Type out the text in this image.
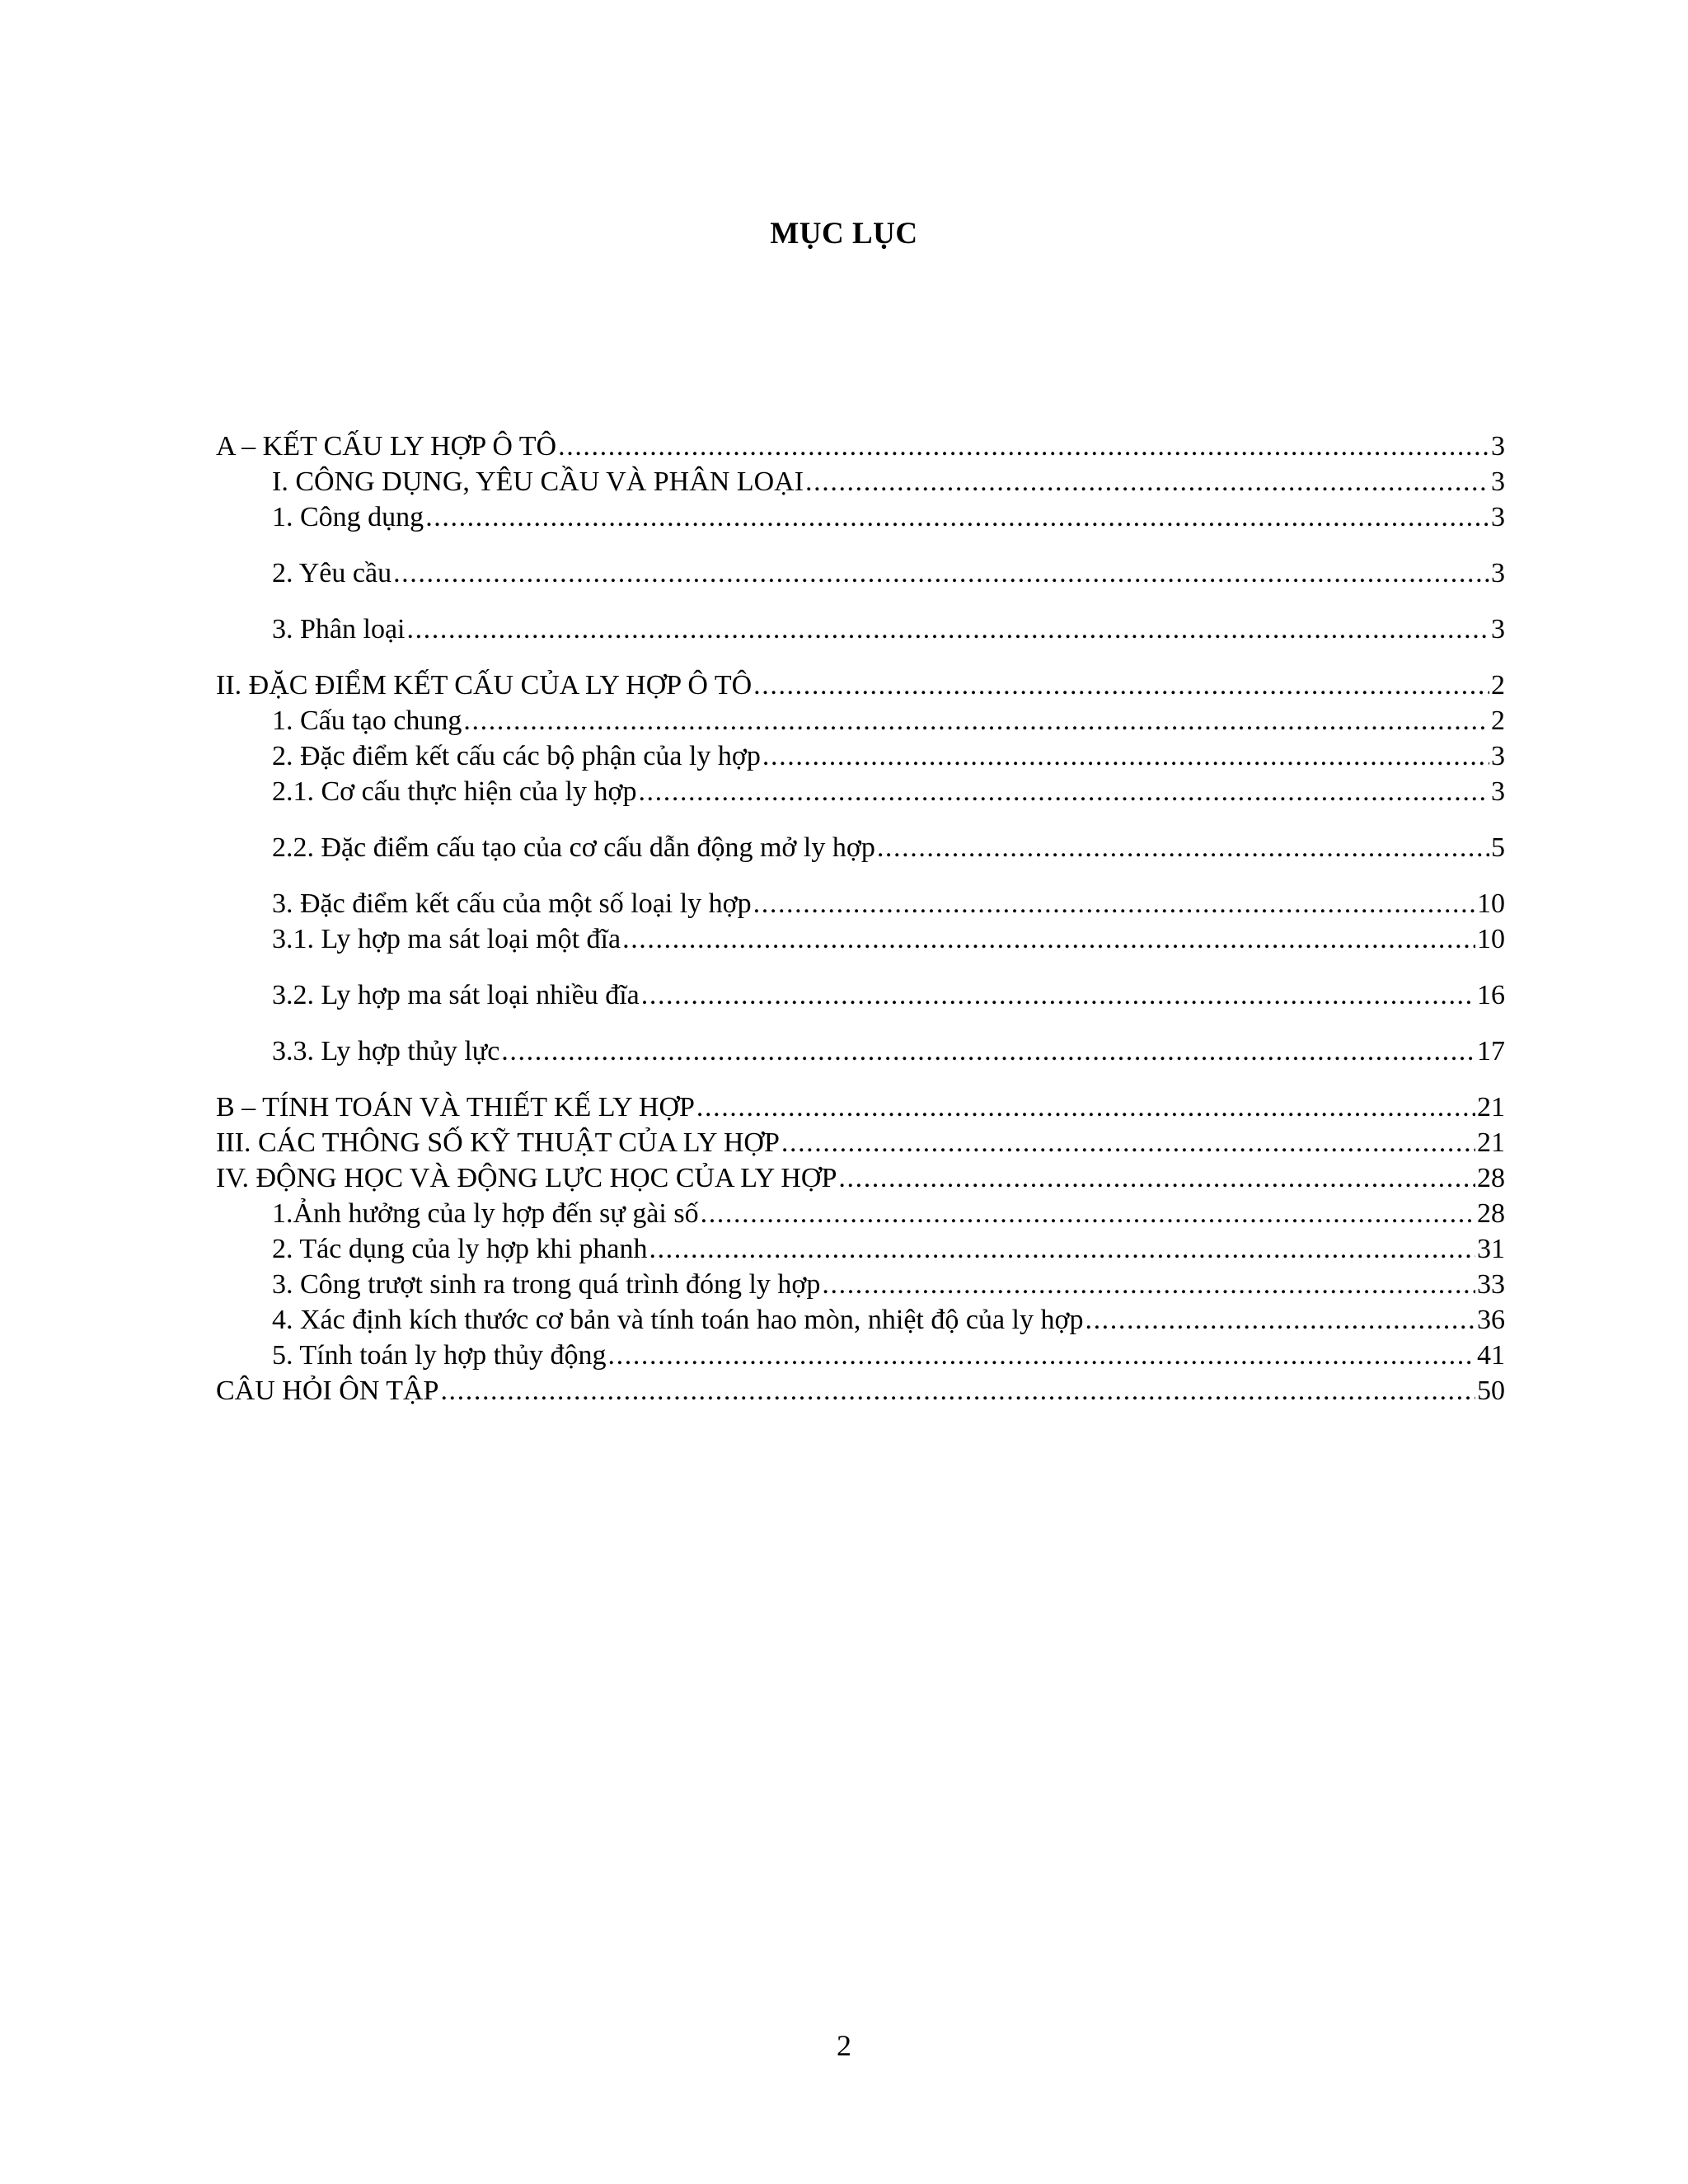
MỤC LỤC
A – KẾT CẤU LY HỢP Ô TÔ .....	3
I. CÔNG DỤNG, YÊU CẦU VÀ PHÂN LOẠI .....	3
1. Công dụng .....	3
2. Yêu cầu .....	3
3. Phân loại .....	3
II. ĐẶC ĐIỂM KẾT CẤU CỦA LY HỢP Ô TÔ .....	2
1. Cấu tạo chung .....	2
2. Đặc điểm kết cấu các bộ phận của ly hợp .....	3
2.1. Cơ cấu thực hiện của ly hợp .....	3
2.2. Đặc điểm cấu tạo của cơ cấu dẫn động mở ly hợp .....	5
3. Đặc điểm kết cấu của một số loại ly hợp .....	10
3.1. Ly hợp ma sát loại một đĩa .....	10
3.2. Ly hợp ma sát loại nhiều đĩa .....	16
3.3. Ly hợp thủy lực .....	17
B – TÍNH TOÁN VÀ THIẾT KẾ LY HỢP .....	21
III. CÁC THÔNG SỐ KỸ THUẬT CỦA LY HỢP .....	21
IV. ĐỘNG HỌC VÀ ĐỘNG LỰC HỌC CỦA LY HỢP .....	28
1.Ảnh hưởng của ly hợp đến sự gài số .....	28
2. Tác dụng của ly hợp khi phanh .....	31
3. Công trượt sinh ra trong quá trình đóng ly hợp .....	33
4. Xác định kích thước cơ bản và tính toán hao mòn, nhiệt độ của ly hợp .....	36
5. Tính toán ly hợp thủy động .....	41
CÂU HỎI ÔN TẬP .....	50
2
